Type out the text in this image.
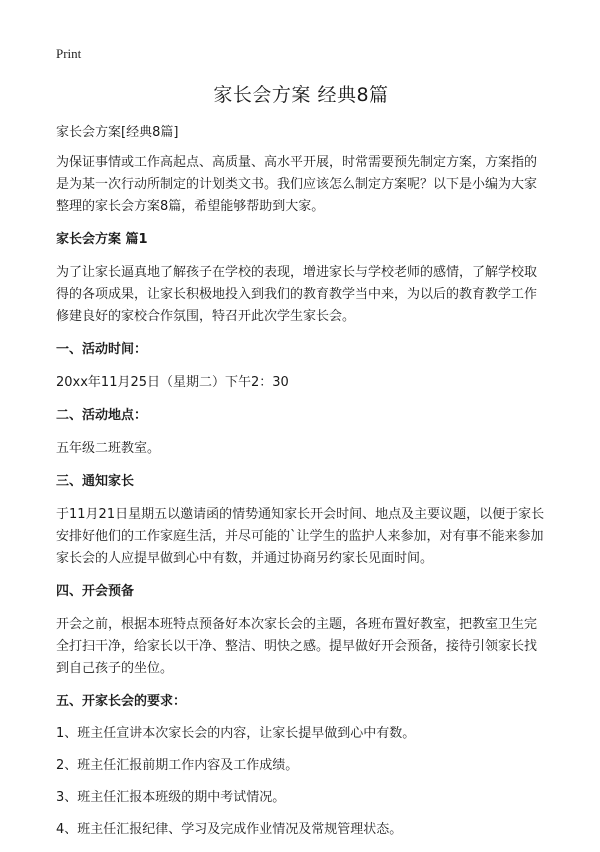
Print
家长会方案 经典8篇

家长会方案[经典8篇]

为保证事情或工作高起点、高质量、高水平开展，时常需要预先制定方案，方案指的是为某一次行动所制定的计划类文书。我们应该怎么制定方案呢？以下是小编为大家整理的家长会方案8篇，希望能够帮助到大家。

家长会方案 篇1

为了让家长逼真地了解孩子在学校的表现，增进家长与学校老师的感情，了解学校取得的各项成果，让家长积极地投入到我们的教育教学当中来，为以后的教育教学工作修建良好的家校合作氛围，特召开此次学生家长会。

一、活动时间：

20xx年11月25日（星期二）下午2：30

二、活动地点：

五年级二班教室。

三、通知家长

于11月21日星期五以邀请函的情势通知家长开会时间、地点及主要议题，以便于家长安排好他们的工作家庭生活，并尽可能的`让学生的监护人来参加，对有事不能来参加家长会的人应提早做到心中有数，并通过协商另约家长见面时间。

四、开会预备

开会之前，根据本班特点预备好本次家长会的主题，各班布置好教室，把教室卫生完全打扫干净，给家长以干净、整洁、明快之感。提早做好开会预备，接待引领家长找到自己孩子的坐位。

五、开家长会的要求：

1、班主任宣讲本次家长会的内容，让家长提早做到心中有数。

2、班主任汇报前期工作内容及工作成绩。

3、班主任汇报本班级的期中考试情况。

4、班主任汇报纪律、学习及完成作业情况及常规管理状态。
